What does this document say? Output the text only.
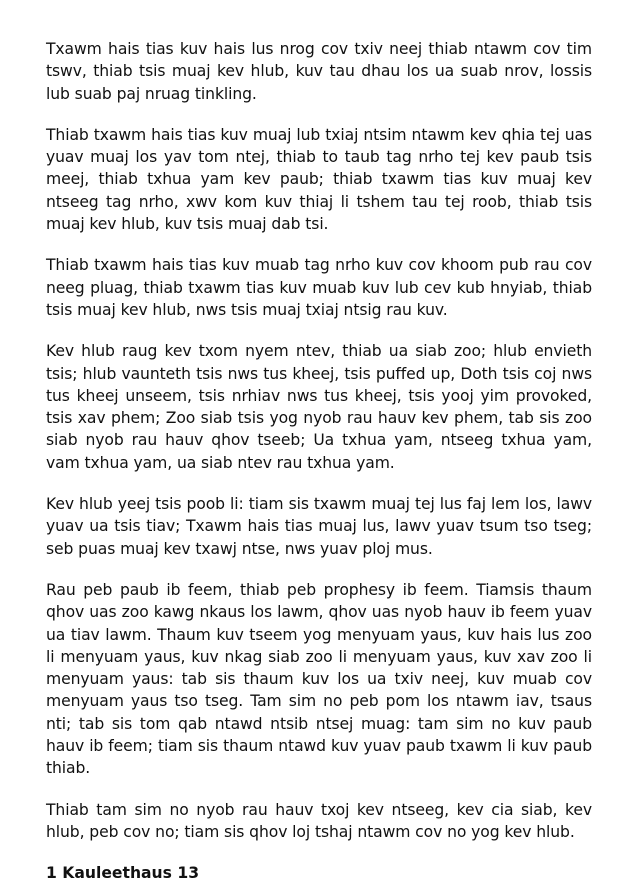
Txawm hais tias kuv hais lus nrog cov txiv neej thiab ntawm cov tim tswv, thiab tsis muaj kev hlub, kuv tau dhau los ua suab nrov, lossis lub suab paj nruag tinkling.

Thiab txawm hais tias kuv muaj lub txiaj ntsim ntawm kev qhia tej uas yuav muaj los yav tom ntej, thiab to taub tag nrho tej kev paub tsis meej, thiab txhua yam kev paub; thiab txawm tias kuv muaj kev ntseeg tag nrho, xwv kom kuv thiaj li tshem tau tej roob, thiab tsis muaj kev hlub, kuv tsis muaj dab tsi.

Thiab txawm hais tias kuv muab tag nrho kuv cov khoom pub rau cov neeg pluag, thiab txawm tias kuv muab kuv lub cev kub hnyiab, thiab tsis muaj kev hlub, nws tsis muaj txiaj ntsig rau kuv.

Kev hlub raug kev txom nyem ntev, thiab ua siab zoo; hlub envieth tsis; hlub vaunteth tsis nws tus kheej, tsis puffed up, Doth tsis coj nws tus kheej unseem, tsis nrhiav nws tus kheej, tsis yooj yim provoked, tsis xav phem; Zoo siab tsis yog nyob rau hauv kev phem, tab sis zoo siab nyob rau hauv qhov tseeb; Ua txhua yam, ntseeg txhua yam, vam txhua yam, ua siab ntev rau txhua yam.

Kev hlub yeej tsis poob li: tiam sis txawm muaj tej lus faj lem los, lawv yuav ua tsis tiav; Txawm hais tias muaj lus, lawv yuav tsum tso tseg; seb puas muaj kev txawj ntse, nws yuav ploj mus.

Rau peb paub ib feem, thiab peb prophesy ib feem. Tiamsis thaum qhov uas zoo kawg nkaus los lawm, qhov uas nyob hauv ib feem yuav ua tiav lawm. Thaum kuv tseem yog menyuam yaus, kuv hais lus zoo li menyuam yaus, kuv nkag siab zoo li menyuam yaus, kuv xav zoo li menyuam yaus: tab sis thaum kuv los ua txiv neej, kuv muab cov menyuam yaus tso tseg. Tam sim no peb pom los ntawm iav, tsaus nti; tab sis tom qab ntawd ntsib ntsej muag: tam sim no kuv paub hauv ib feem; tiam sis thaum ntawd kuv yuav paub txawm li kuv paub thiab.

Thiab tam sim no nyob rau hauv txoj kev ntseeg, kev cia siab, kev hlub, peb cov no; tiam sis qhov loj tshaj ntawm cov no yog kev hlub.

1 Kauleethaus 13
